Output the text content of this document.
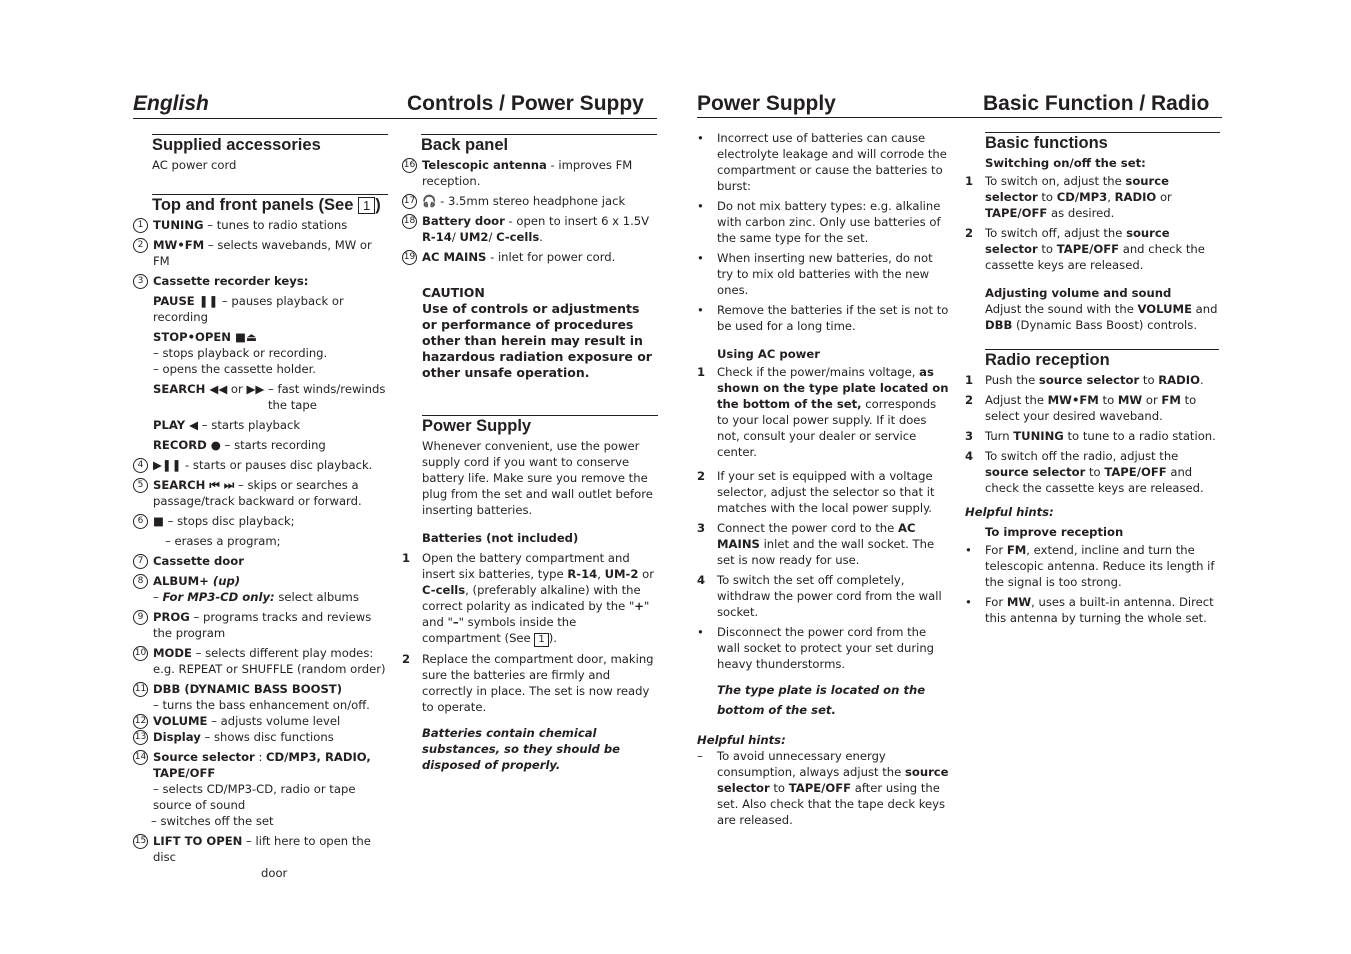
English	Controls / Power Suppy	Power Supply	Basic Function / Radio
Supplied accessories

AC power cord

Top and front panels (See 1 )
1 TUNING – tunes to radio stations
2 MW•FM – selects wavebands, MW or FM
3 Cassette recorder keys:
PAUSE ❚❚ – pauses playback or recording
STOP•OPEN ■⏏
– stops playback or recording.
– opens the cassette holder.
SEARCH ◀◀ or ▶▶ – fast winds/rewinds
the tape
PLAY ◀ – starts playback
RECORD ● – starts recording
4 ▶❚❚ - starts or pauses disc playback.
5 SEARCH ⏮ ⏭ – skips or searches a passage/track backward or forward.
6 ■ – stops disc playback;
– erases a program;
7 Cassette door
8 ALBUM+ (up)
– For MP3-CD only: select albums
9 PROG – programs tracks and reviews the program
10 MODE – selects different play modes: e.g. REPEAT or SHUFFLE (random order)
11 DBB (DYNAMIC BASS BOOST)
– turns the bass enhancement on/off.
12 VOLUME – adjusts volume level
13 Display – shows disc functions
14 Source selector : CD/MP3, RADIO, TAPE/OFF
– selects CD/MP3-CD, radio or tape source of sound
– switches off the set
15 LIFT TO OPEN – lift here to open the disc
door
Back panel
16 Telescopic antenna - improves FM reception.
17 🎧 - 3.5mm stereo headphone jack
18 Battery door - open to insert 6 x 1.5V R-14/ UM2/ C-cells.
19 AC MAINS - inlet for power cord.

CAUTION

Use of controls or adjustments or performance of procedures other than herein may result in hazardous radiation exposure or other unsafe operation.

Power Supply

Whenever convenient, use the power supply cord if you want to conserve battery life. Make sure you remove the plug from the set and wall outlet before inserting batteries.

Batteries (not included)

1 Open the battery compartment and insert six batteries, type R-14, UM-2 or C-cells, (preferably alkaline) with the correct polarity as indicated by the "+" and "–" symbols inside the compartment (See 1 ).
2 Replace the compartment door, making sure the batteries are firmly and correctly in place. The set is now ready to operate.

Batteries contain chemical substances, so they should be disposed of properly.

• Incorrect use of batteries can cause electrolyte leakage and will corrode the compartment or cause the batteries to burst:
• Do not mix battery types: e.g. alkaline with carbon zinc. Only use batteries of the same type for the set.
• When inserting new batteries, do not try to mix old batteries with the new ones.
• Remove the batteries if the set is not to be used for a long time.

Using AC power

1 Check if the power/mains voltage, as shown on the type plate located on the bottom of the set, corresponds to your local power supply. If it does not, consult your dealer or service center.
2 If your set is equipped with a voltage selector, adjust the selector so that it matches with the local power supply.
3 Connect the power cord to the AC MAINS inlet and the wall socket. The set is now ready for use.
4 To switch the set off completely, withdraw the power cord from the wall socket.
• Disconnect the power cord from the wall socket to protect your set during heavy thunderstorms.

The type plate is located on the bottom of the set.

Helpful hints:

– To avoid unnecessary energy consumption, always adjust the source selector to TAPE/OFF after using the set. Also check that the tape deck keys are released.
Basic functions

Switching on/off the set:

1 To switch on, adjust the source selector to CD/MP3, RADIO or TAPE/OFF as desired.
2 To switch off, adjust the source selector to TAPE/OFF and check the cassette keys are released.

Adjusting volume and sound

Adjust the sound with the VOLUME and DBB (Dynamic Bass Boost) controls.

Radio reception
1 Push the source selector to RADIO.
2 Adjust the MW•FM to MW or FM to select your desired waveband.
3 Turn TUNING to tune to a radio station.
4 To switch off the radio, adjust the source selector to TAPE/OFF and check the cassette keys are released.

Helpful hints:

To improve reception

• For FM, extend, incline and turn the telescopic antenna. Reduce its length if the signal is too strong.
• For MW, uses a built-in antenna. Direct this antenna by turning the whole set.
